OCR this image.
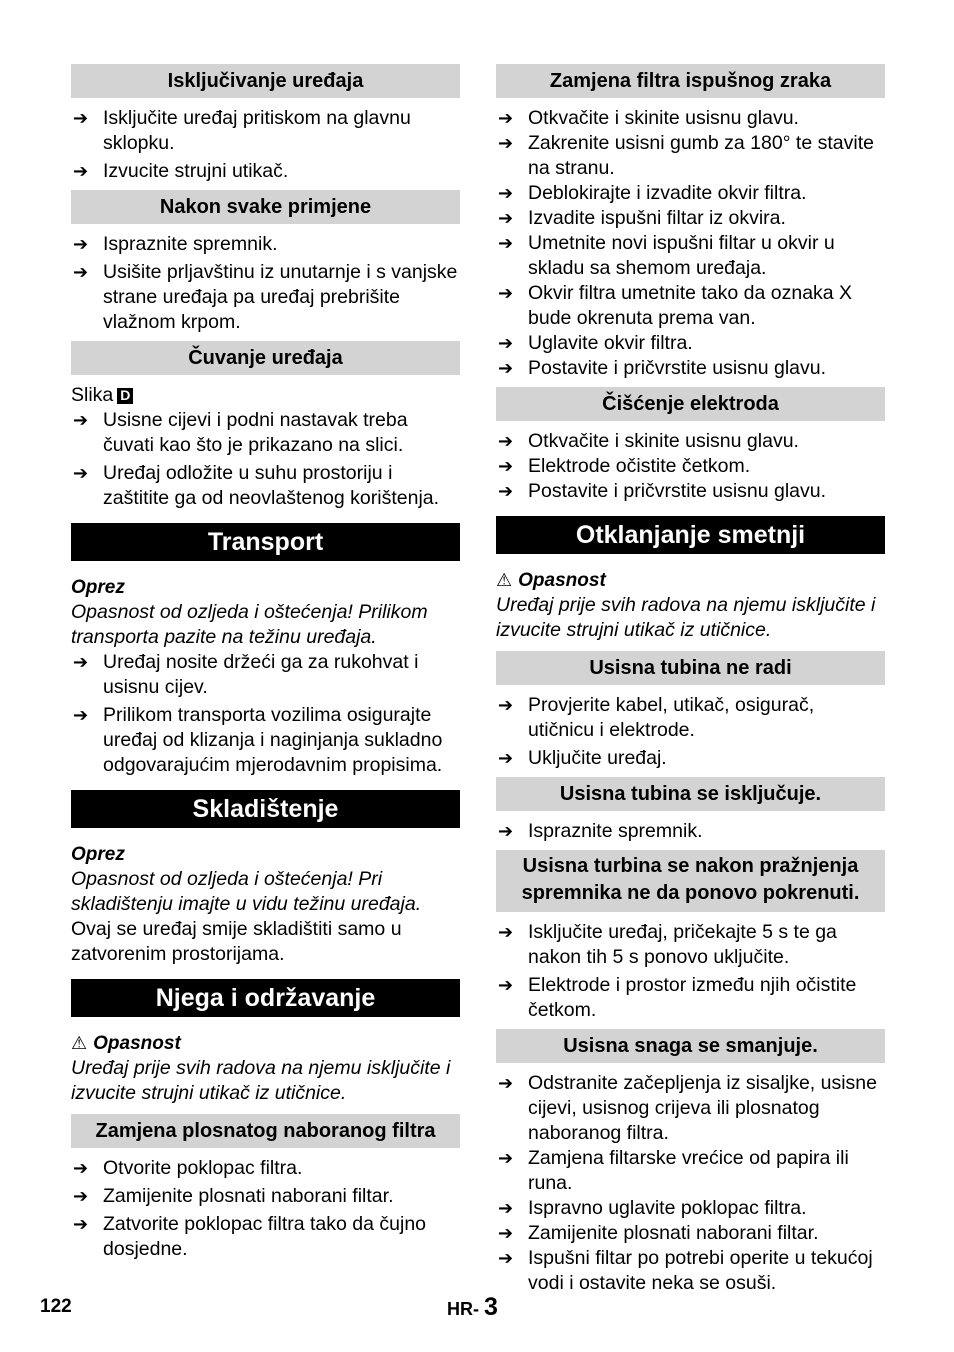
Isključivanje uređaja
➔ Isključite uređaj pritiskom na glavnu sklopku.
➔ Izvucite strujni utikač.
Nakon svake primjene
➔ Ispraznite spremnik.
➔ Usišite prljavštinu iz unutarnje i s vanjske strane uređaja pa uređaj prebrišite vlažnom krpom.
Čuvanje uređaja
Slika D
➔ Usisne cijevi i podni nastavak treba čuvati kao što je prikazano na slici.
➔ Uređaj odložite u suhu prostoriju i zaštitite ga od neovlaštenog korištenja.
Transport
Oprez
Opasnost od ozljeda i oštećenja! Prilikom transporta pazite na težinu uređaja.
➔ Uređaj nosite držeći ga za rukohvat i usisnu cijev.
➔ Prilikom transporta vozilima osigurajte uređaj od klizanja i naginjanja sukladno odgovarajućim mjerodavnim propisima.
Skladištenje
Oprez
Opasnost od ozljeda i oštećenja! Pri skladištenju imajte u vidu težinu uređaja.
Ovaj se uređaj smije skladištiti samo u zatvorenim prostorijama.
Njega i održavanje
⚠ Opasnost
Uređaj prije svih radova na njemu isključite i izvucite strujni utikač iz utičnice.
Zamjena plosnatog naboranog filtra
➔ Otvorite poklopac filtra.
➔ Zamijenite plosnati naborani filtar.
➔ Zatvorite poklopac filtra tako da čujno dosjedne.
Zamjena filtra ispušnog zraka
➔ Otkvačite i skinite usisnu glavu.
➔ Zakrenite usisni gumb za 180° te stavite na stranu.
➔ Deblokirajte i izvadite okvir filtra.
➔ Izvadite ispušni filtar iz okvira.
➔ Umetnite novi ispušni filtar u okvir u skladu sa shemom uređaja.
➔ Okvir filtra umetnite tako da oznaka X bude okrenuta prema van.
➔ Uglavite okvir filtra.
➔ Postavite i pričvrstite usisnu glavu.
Čišćenje elektroda
➔ Otkvačite i skinite usisnu glavu.
➔ Elektrode očistite četkom.
➔ Postavite i pričvrstite usisnu glavu.
Otklanjanje smetnji
⚠ Opasnost
Uređaj prije svih radova na njemu isključite i izvucite strujni utikač iz utičnice.
Usisna tubina ne radi
➔ Provjerite kabel, utikač, osigurač, utičnicu i elektrode.
➔ Uključite uređaj.
Usisna tubina se isključuje.
➔ Ispraznite spremnik.
Usisna turbina se nakon pražnjenja
spremnika ne da ponovo pokrenuti.
➔ Isključite uređaj, pričekajte 5 s te ga nakon tih 5 s ponovo uključite.
➔ Elektrode i prostor između njih očistite četkom.
Usisna snaga se smanjuje.
➔ Odstranite začepljenja iz sisaljke, usisne cijevi, usisnog crijeva ili plosnatog naboranog filtra.
➔ Zamjena filtarske vrećice od papira ili runa.
➔ Ispravno uglavite poklopac filtra.
➔ Zamijenite plosnati naborani filtar.
➔ Ispušni filtar po potrebi operite u tekućoj vodi i ostavite neka se osuši.
122	HR- 3
